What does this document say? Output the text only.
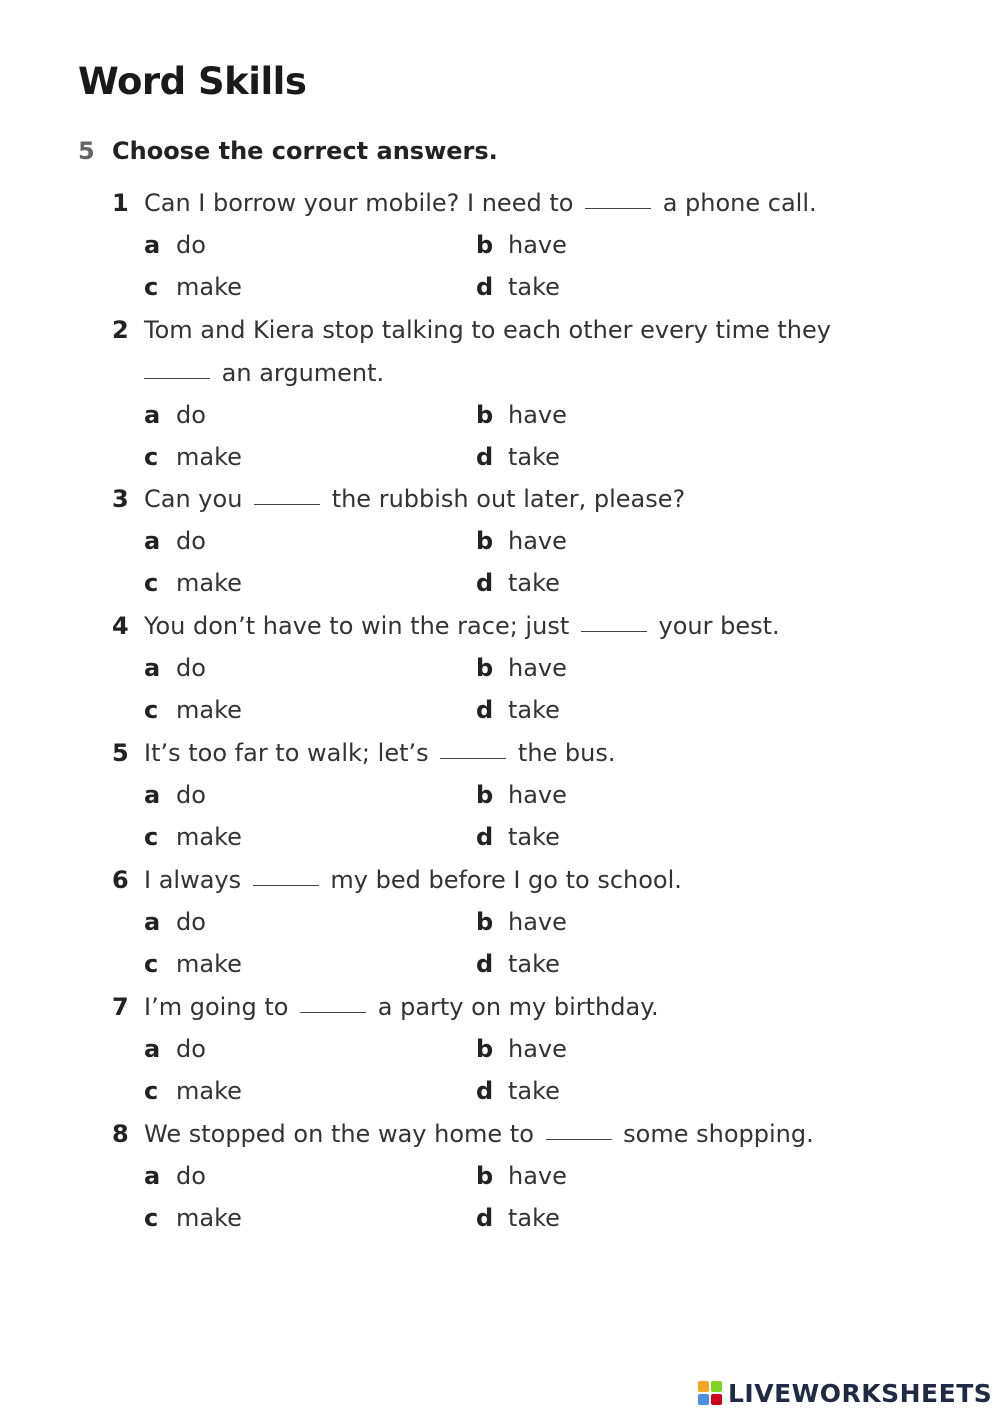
Word Skills
5 Choose the correct answers.
1 Can I borrow your mobile? I need to	a phone call.
a do	b have
c make	d take
2 Tom and Kiera stop talking to each other every time they
an argument.
a do	b have
c make	d take
3 Can you	the rubbish out later, please?
a do	b have
c make	d take
4 You don’t have to win the race; just	your best.
a do	b have
c make	d take
5 It’s too far to walk; let’s	the bus.
a do	b have
c make	d take
6 I always	my bed before I go to school.
a do	b have
c make	d take
7 I’m going to	a party on my birthday.
a do	b have
c make	d take
8 We stopped on the way home to	some shopping.
a do	b have
c make	d take
LIVEWORKSHEETS
